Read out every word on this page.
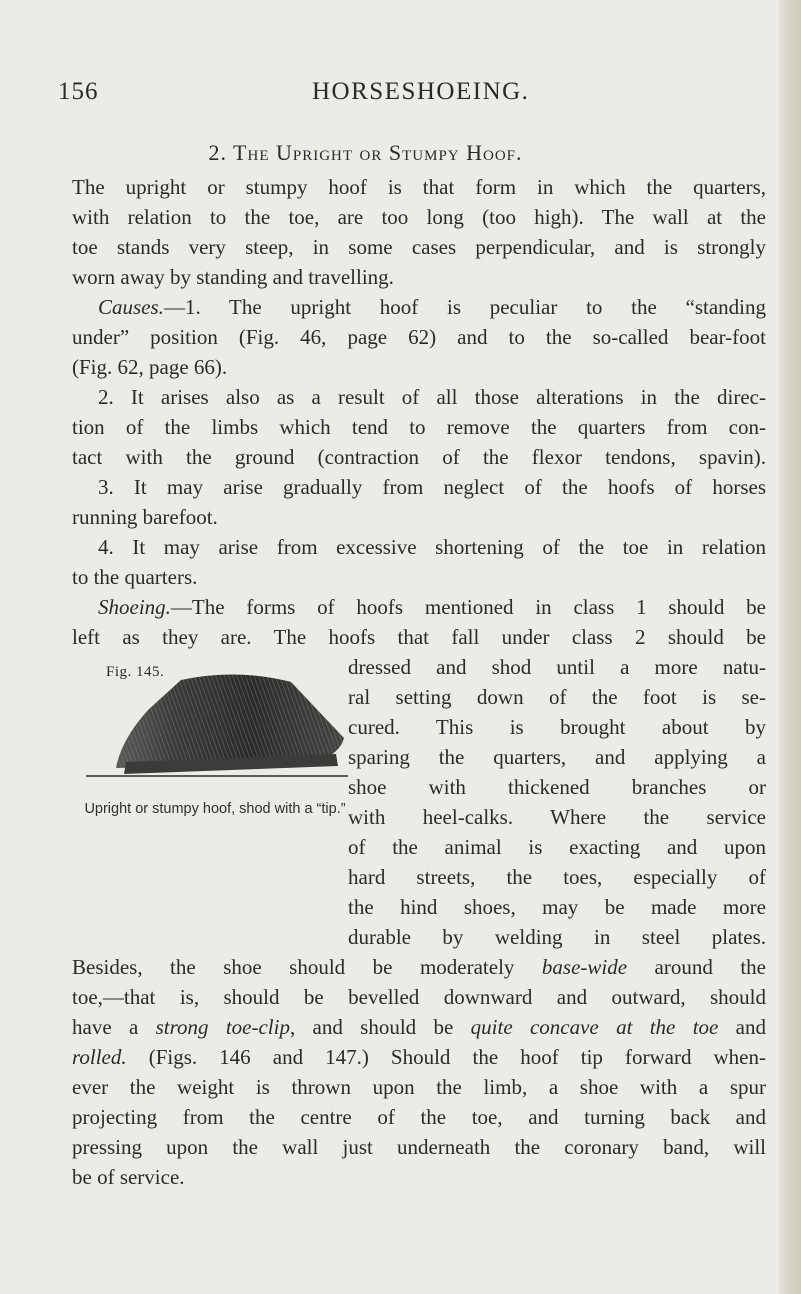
156	HORSESHOEING.
2. The Upright or Stumpy Hoof.
The upright or stumpy hoof is that form in which the quarters,
with relation to the toe, are too long (too high). The wall at the
toe stands very steep, in some cases perpendicular, and is strongly
worn away by standing and travelling.
Causes.—1. The upright hoof is peculiar to the “standing
under” position (Fig. 46, page 62) and to the so-called bear-foot
(Fig. 62, page 66).
2. It arises also as a result of all those alterations in the direc-
tion of the limbs which tend to remove the quarters from con-
tact with the ground (contraction of the flexor tendons, spavin).
3. It may arise gradually from neglect of the hoofs of horses
running barefoot.
4. It may arise from excessive shortening of the toe in relation
to the quarters.
Shoeing.—The forms of hoofs mentioned in class 1 should be
left as they are. The hoofs that fall under class 2 should be
dressed and shod until a more natu-
ral setting down of the foot is se-
cured. This is brought about by
sparing the quarters, and applying a
shoe with thickened branches or
with heel-calks. Where the service
of the animal is exacting and upon
hard streets, the toes, especially of
the hind shoes, may be made more
durable by welding in steel plates.
Besides, the shoe should be moderately base-wide around the
toe,—that is, should be bevelled downward and outward, should
have a strong toe-clip, and should be quite concave at the toe and
rolled. (Figs. 146 and 147.) Should the hoof tip forward when-
ever the weight is thrown upon the limb, a shoe with a spur
projecting from the centre of the toe, and turning back and
pressing upon the wall just underneath the coronary band, will
be of service.
Fig. 145.
Upright or stumpy hoof, shod with a “tip.”
